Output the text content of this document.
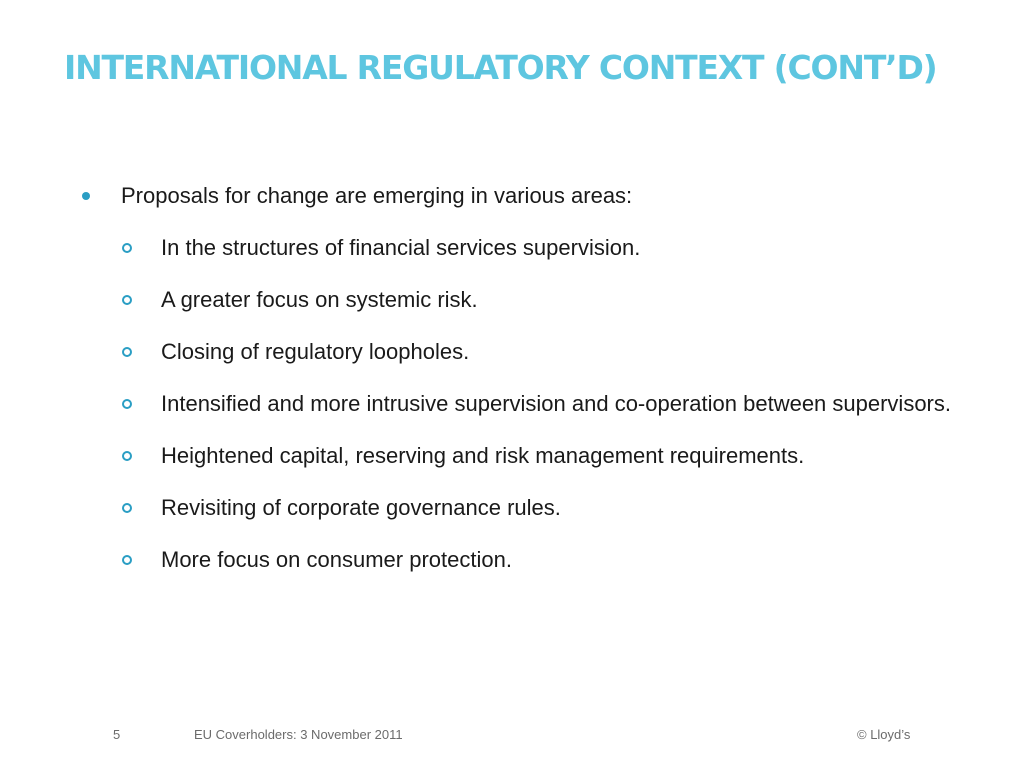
INTERNATIONAL REGULATORY CONTEXT (CONT’D)
Proposals for change are emerging in various areas:
In the structures of financial services supervision.
A greater focus on systemic risk.
Closing of regulatory loopholes.
Intensified and more intrusive supervision and co-operation between supervisors.
Heightened capital, reserving and risk management requirements.
Revisiting of corporate governance rules.
More focus on consumer protection.
5	EU Coverholders: 3 November 2011	© Lloyd’s
